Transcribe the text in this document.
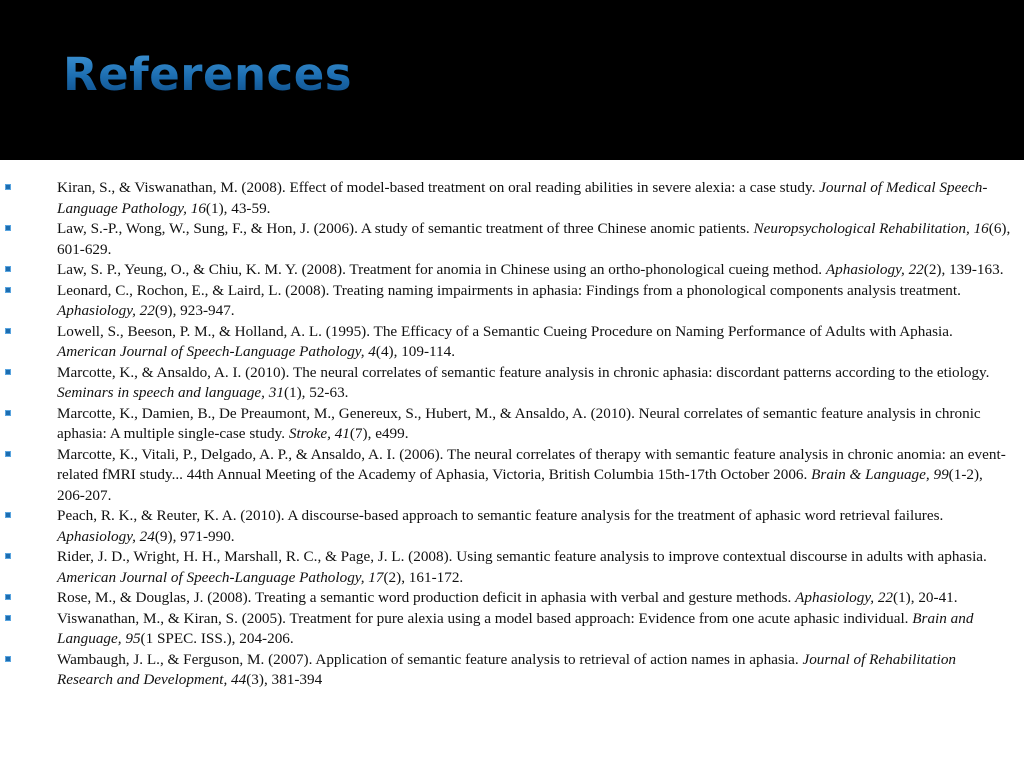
References
Kiran, S., & Viswanathan, M. (2008). Effect of model-based treatment on oral reading abilities in severe alexia: a case study. Journal of Medical Speech-Language Pathology, 16(1), 43-59.
Law, S.-P., Wong, W., Sung, F., & Hon, J. (2006). A study of semantic treatment of three Chinese anomic patients. Neuropsychological Rehabilitation, 16(6), 601-629.
Law, S. P., Yeung, O., & Chiu, K. M. Y. (2008). Treatment for anomia in Chinese using an ortho-phonological cueing method. Aphasiology, 22(2), 139-163.
Leonard, C., Rochon, E., & Laird, L. (2008). Treating naming impairments in aphasia: Findings from a phonological components analysis treatment. Aphasiology, 22(9), 923-947.
Lowell, S., Beeson, P. M., & Holland, A. L. (1995). The Efficacy of a Semantic Cueing Procedure on Naming Performance of Adults with Aphasia. American Journal of Speech-Language Pathology, 4(4), 109-114.
Marcotte, K., & Ansaldo, A. I. (2010). The neural correlates of semantic feature analysis in chronic aphasia: discordant patterns according to the etiology. Seminars in speech and language, 31(1), 52-63.
Marcotte, K., Damien, B., De Preaumont, M., Genereux, S., Hubert, M., & Ansaldo, A. (2010). Neural correlates of semantic feature analysis in chronic aphasia: A multiple single-case study. Stroke, 41(7), e499.
Marcotte, K., Vitali, P., Delgado, A. P., & Ansaldo, A. I. (2006). The neural correlates of therapy with semantic feature analysis in chronic anomia: an event-related fMRI study... 44th Annual Meeting of the Academy of Aphasia, Victoria, British Columbia 15th-17th October 2006. Brain & Language, 99(1-2), 206-207.
Peach, R. K., & Reuter, K. A. (2010). A discourse-based approach to semantic feature analysis for the treatment of aphasic word retrieval failures. Aphasiology, 24(9), 971-990.
Rider, J. D., Wright, H. H., Marshall, R. C., & Page, J. L. (2008). Using semantic feature analysis to improve contextual discourse in adults with aphasia. American Journal of Speech-Language Pathology, 17(2), 161-172.
Rose, M., & Douglas, J. (2008). Treating a semantic word production deficit in aphasia with verbal and gesture methods. Aphasiology, 22(1), 20-41.
Viswanathan, M., & Kiran, S. (2005). Treatment for pure alexia using a model based approach: Evidence from one acute aphasic individual. Brain and Language, 95(1 SPEC. ISS.), 204-206.
Wambaugh, J. L., & Ferguson, M. (2007). Application of semantic feature analysis to retrieval of action names in aphasia. Journal of Rehabilitation Research and Development, 44(3), 381-394
